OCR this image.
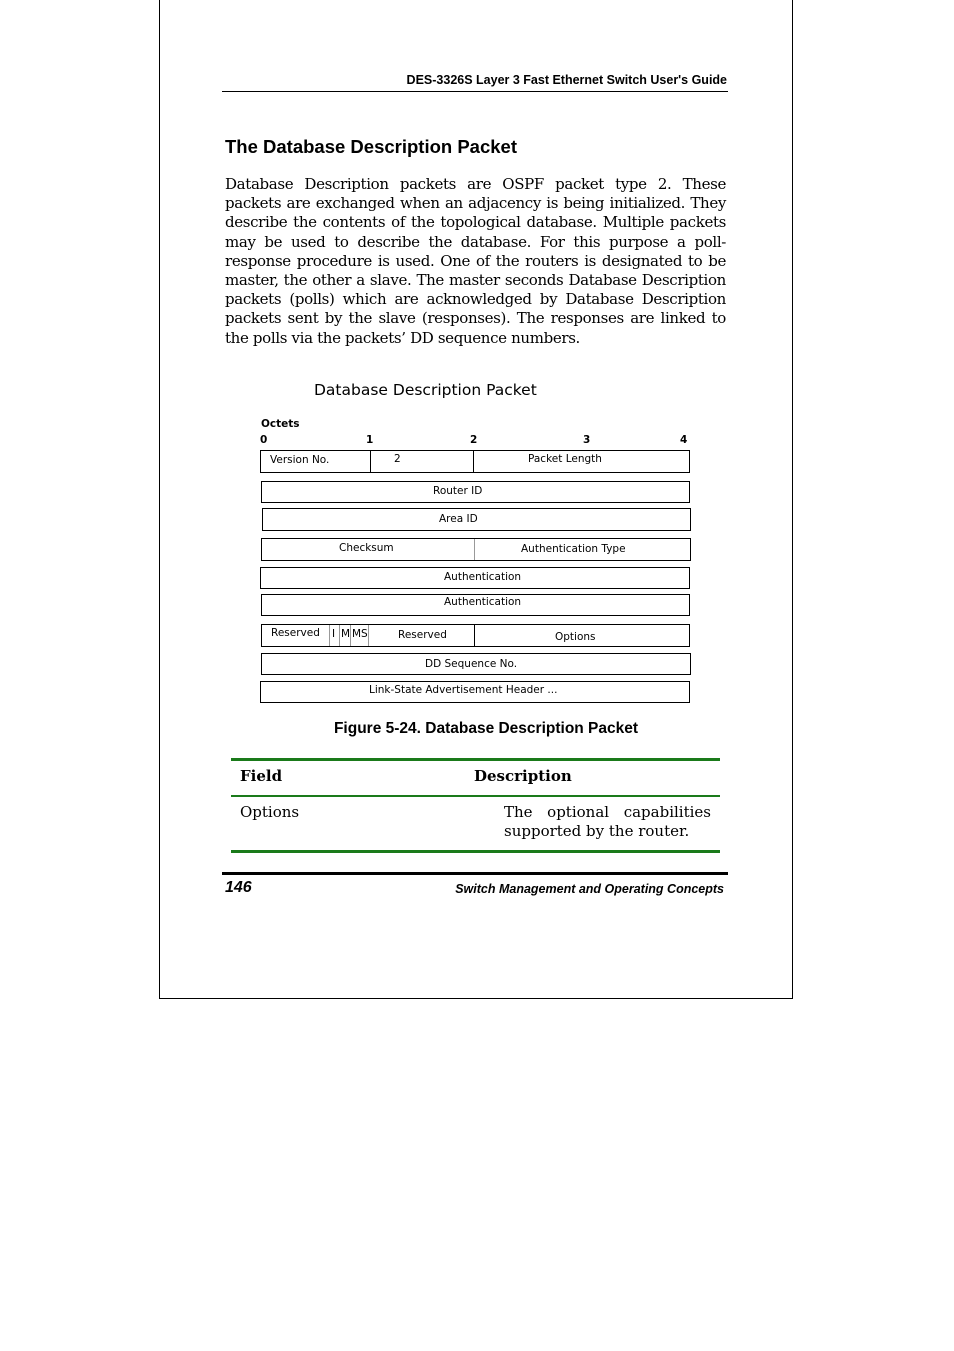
DES-3326S Layer 3 Fast Ethernet Switch User's Guide
The Database Description Packet

Database Description packets are OSPF packet type 2. These packets are exchanged when an adjacency is being initialized. They describe the contents of the topological database. Multiple packets may be used to describe the database. For this purpose a poll-response procedure is used. One of the routers is designated to be master, the other a slave. The master seconds Database Description packets (polls) which are acknowledged by Database Description packets sent by the slave (responses). The responses are linked to the polls via the packets’ DD sequence numbers.

Database Description Packet
Octets
0	1	2	3	4
Version No.	2	Packet Length
Router ID
Area ID
Checksum	Authentication Type
Authentication
Authentication
Reserved I M MS	Reserved	Options
DD Sequence No.
Link-State Advertisement Header ...
Figure 5-24. Database Description Packet
Field	Description
Options	The optional capabilities supported by the router.
146	Switch Management and Operating Concepts
